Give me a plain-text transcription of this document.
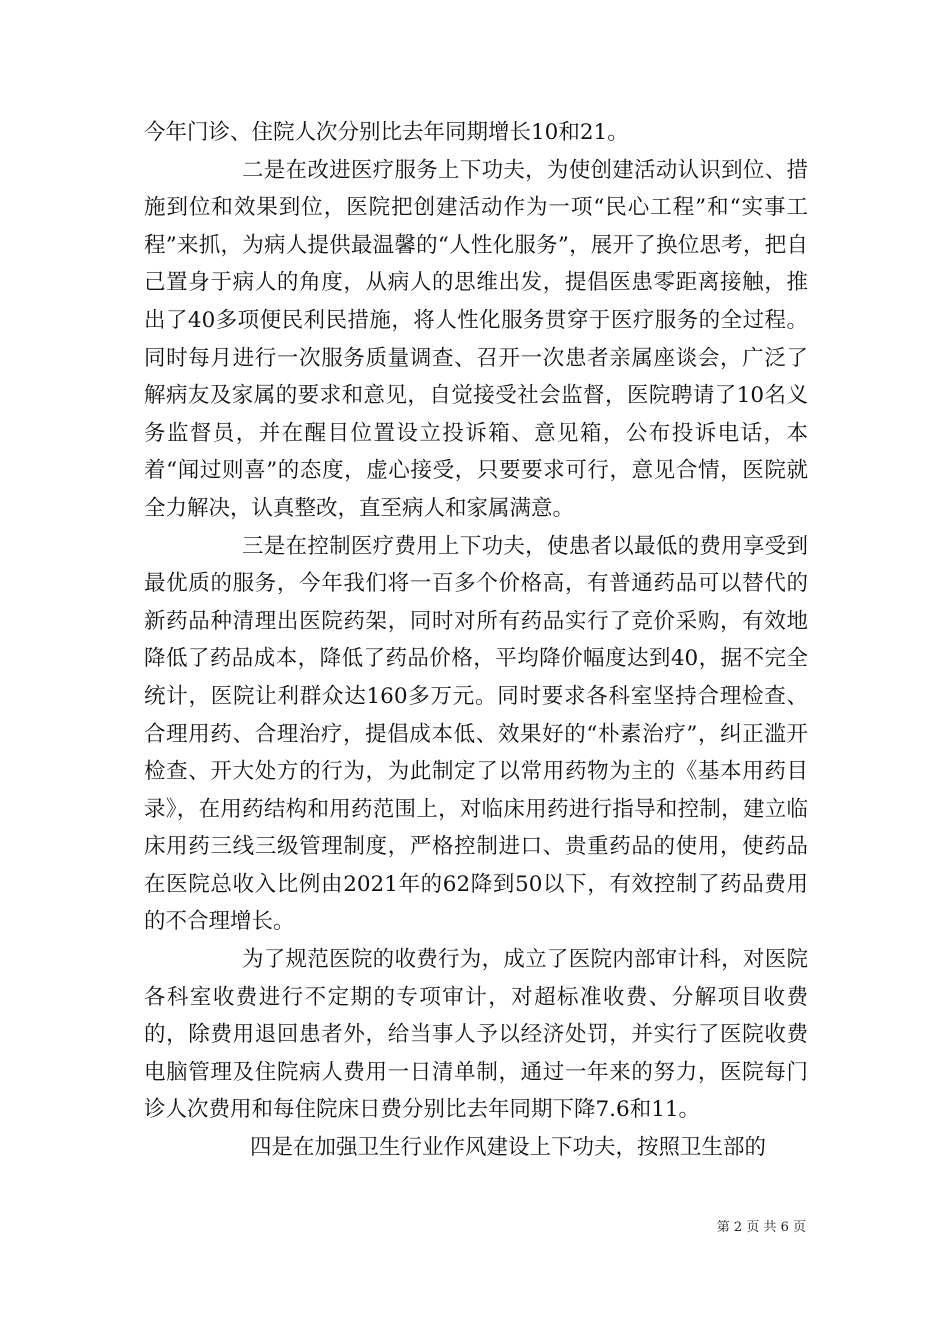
今年门诊、住院人次分别比去年同期增长10和21。

二是在改进医疗服务上下功夫，为使创建活动认识到位、措施到位和效果到位，医院把创建活动作为一项“民心工程”和“实事工程”来抓，为病人提供最温馨的“人性化服务”，展开了换位思考，把自己置身于病人的角度，从病人的思维出发，提倡医患零距离接触，推出了40多项便民利民措施，将人性化服务贯穿于医疗服务的全过程。同时每月进行一次服务质量调查、召开一次患者亲属座谈会，广泛了解病友及家属的要求和意见，自觉接受社会监督，医院聘请了10名义务监督员，并在醒目位置设立投诉箱、意见箱，公布投诉电话，本着“闻过则喜”的态度，虚心接受，只要要求可行，意见合情，医院就全力解决，认真整改，直至病人和家属满意。

三是在控制医疗费用上下功夫，使患者以最低的费用享受到最优质的服务，今年我们将一百多个价格高，有普通药品可以替代的新药品种清理出医院药架，同时对所有药品实行了竞价采购，有效地降低了药品成本，降低了药品价格，平均降价幅度达到40，据不完全统计，医院让利群众达160多万元。同时要求各科室坚持合理检查、合理用药、合理治疗，提倡成本低、效果好的“朴素治疗”，纠正滥开检查、开大处方的行为，为此制定了以常用药物为主的《基本用药目录》，在用药结构和用药范围上，对临床用药进行指导和控制，建立临床用药三线三级管理制度，严格控制进口、贵重药品的使用，使药品在医院总收入比例由2021年的62降到50以下，有效控制了药品费用的不合理增长。

为了规范医院的收费行为，成立了医院内部审计科，对医院各科室收费进行不定期的专项审计，对超标准收费、分解项目收费的，除费用退回患者外，给当事人予以经济处罚，并实行了医院收费电脑管理及住院病人费用一日清单制，通过一年来的努力，医院每门诊人次费用和每住院床日费分别比去年同期下降7.6和11。

四是在加强卫生行业作风建设上下功夫，按照卫生部的

第 2 页 共 6 页
